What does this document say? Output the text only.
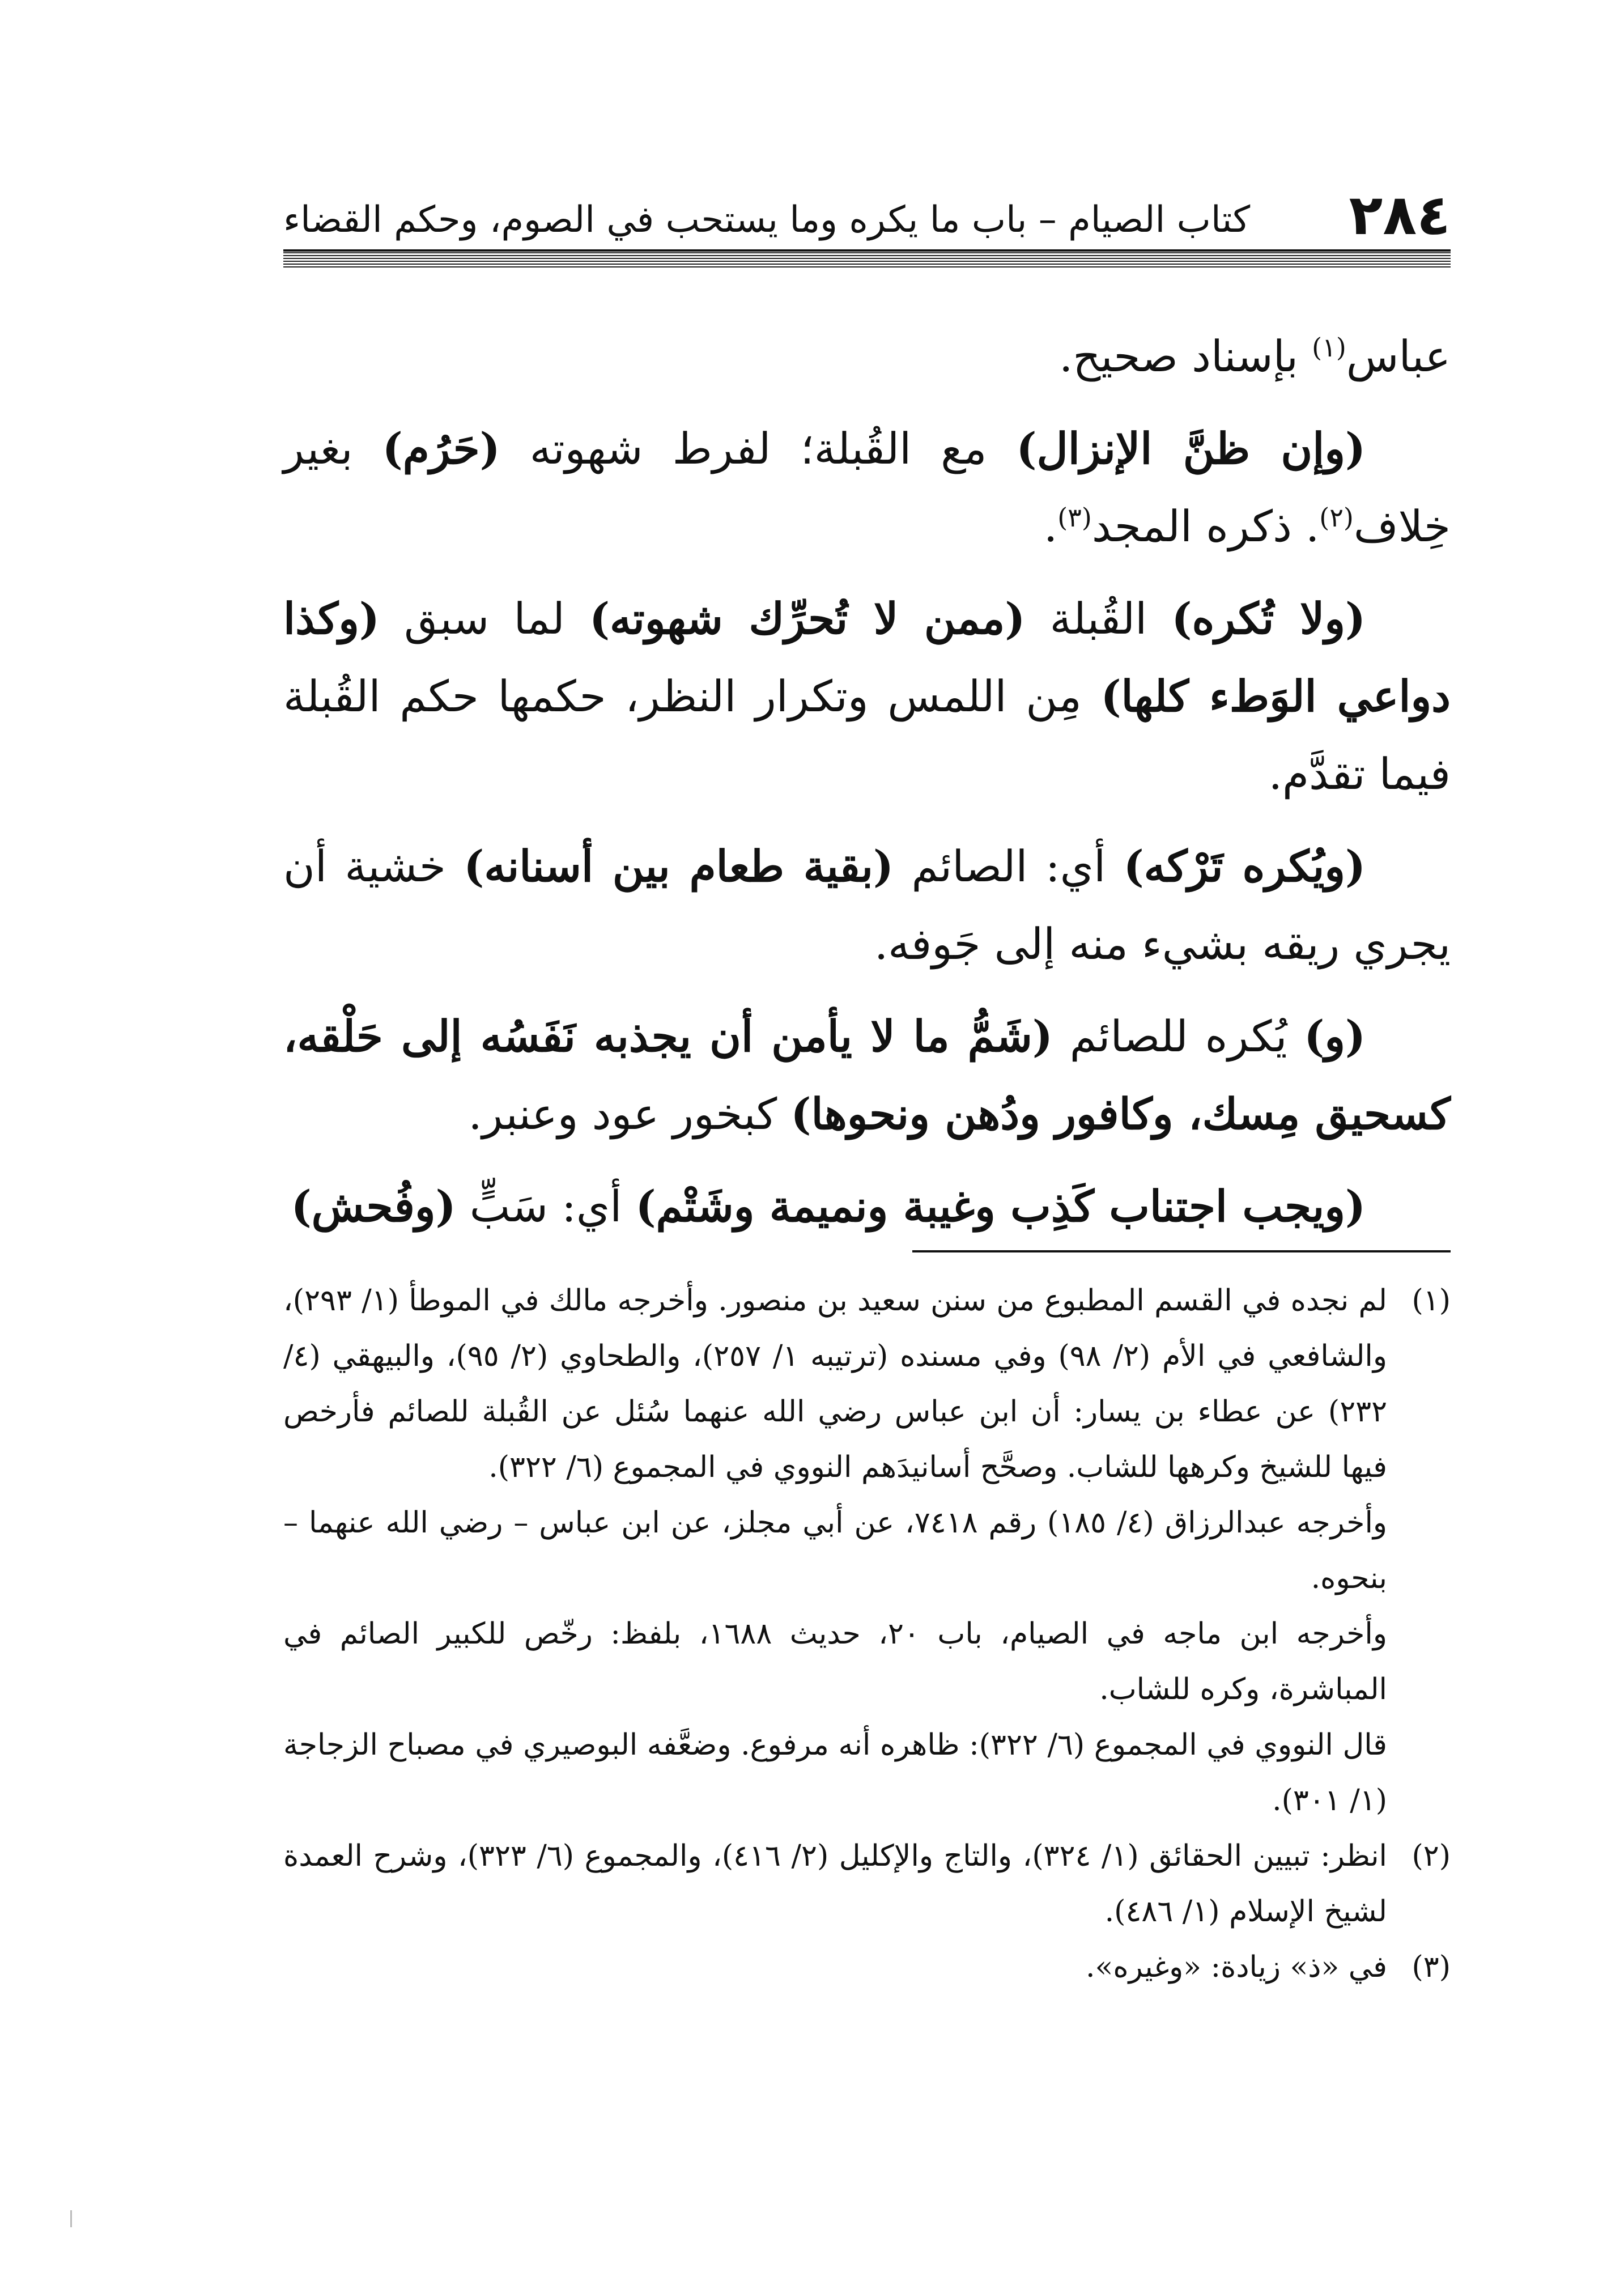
٢٨٤
كتاب الصيام – باب ما يكره وما يستحب في الصوم، وحكم القضاء

عباس$^{(١)}$ بإسناد صحيح.

(وإن ظنَّ الإنزال) مع القُبلة؛ لفرط شهوته (حَرُم) بغير خِلاف$^{(٢)}$. ذكره المجد$^{(٣)}$.

(ولا تُكره) القُبلة (ممن لا تُحرِّك شهوته) لما سبق (وكذا دواعي الوَطء كلها) مِن اللمس وتكرار النظر، حكمها حكم القُبلة فيما تقدَّم.

(ويُكره تَرْكه) أي: الصائم (بقية طعام بين أسنانه) خشية أن يجري ريقه بشيء منه إلى جَوفه.

(و) يُكره للصائم (شَمُّ ما لا يأمن أن يجذبه نَفَسُه إلى حَلْقه، كسحيق مِسك، وكافور ودُهن ونحوها) كبخور عود وعنبر.

(ويجب اجتناب كَذِب وغيبة ونميمة وشَتْم) أي: سَبٍّ (وفُحش)

(١)

لم نجده في القسم المطبوع من سنن سعيد بن منصور. وأخرجه مالك في الموطأ (١/ ٢٩٣)، والشافعي في الأم (٢/ ٩٨) وفي مسنده (ترتيبه ١/ ٢٥٧)، والطحاوي (٢/ ٩٥)، والبيهقي (٤/ ٢٣٢) عن عطاء بن يسار: أن ابن عباس رضي الله عنهما سُئل عن القُبلة للصائم فأرخص فيها للشيخ وكرهها للشاب. وصحَّح أسانيدَهم النووي في المجموع (٦/ ٣٢٢).

وأخرجه عبدالرزاق (٤/ ١٨٥) رقم ٧٤١٨، عن أبي مجلز، عن ابن عباس – رضي الله عنهما – بنحوه.

وأخرجه ابن ماجه في الصيام، باب ٢٠، حديث ١٦٨٨، بلفظ: رخّص للكبير الصائم في المباشرة، وكره للشاب.

قال النووي في المجموع (٦/ ٣٢٢): ظاهره أنه مرفوع. وضعَّفه البوصيري في مصباح الزجاجة (١/ ٣٠١).

(٢)
انظر: تبيين الحقائق (١/ ٣٢٤)، والتاج والإكليل (٢/ ٤١٦)، والمجموع (٦/ ٣٢٣)، وشرح العمدة لشيخ الإسلام (١/ ٤٨٦).
(٣)
في «ذ» زيادة: «وغيره».
